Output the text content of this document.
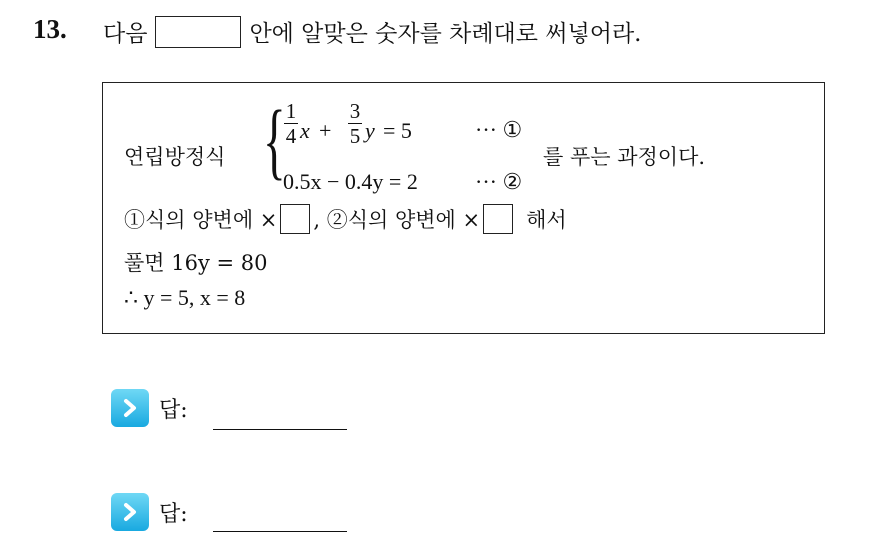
13. 다음	안에 알맞은 숫자를 차례대로 써넣어라.
연립방정식 { 1
4 x +
3
5 y = 5	··· ①
0.5x − 0.4y = 2	··· ②
를 푸는 과정이다.
①식의 양변에 × , ②식의 양변에 × 해서
풀면 16y = 80
∴ y = 5, x = 8
답:
답:
